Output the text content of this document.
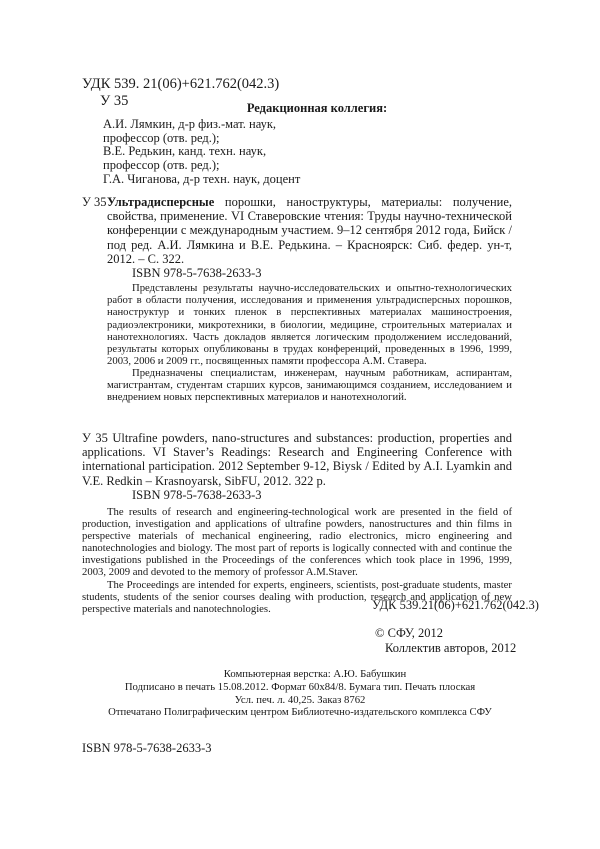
УДК 539. 21(06)+621.762(042.3)
У 35	Редакционная коллегия:
А.И. Лямкин, д-р физ.-мат. наук,
профессор (отв. ред.);
В.Е. Редькин, канд. техн. наук,
профессор (отв. ред.);
Г.А. Чиганова, д-р техн. наук, доцент
У 35 Ультрадисперсные порошки, наноструктуры, материалы: получение, свойства, применение. VI Ставеровские чтения: Труды научно-технической конференции с международным участием. 9–12 сентября 2012 года, Бийск / под ред. А.И. Лямкина и В.Е. Редькина. – Красноярск: Сиб. федер. ун-т, 2012. – С. 322.
ISBN 978-5-7638-2633-3

Представлены результаты научно-исследовательских и опытно-технологических работ в области получения, исследования и применения ультрадисперсных порошков, наноструктур и тонких пленок в перспективных материалах машиностроения, радиоэлектроники, микротехники, в биологии, медицине, строительных материалах и нанотехнологиях. Часть докладов является логическим продолжением исследований, результаты которых опубликованы в трудах конференций, проведенных в 1996, 1999, 2003, 2006 и 2009 гг., посвященных памяти профессора А.М. Ставера.

Предназначены специалистам, инженерам, научным работникам, аспирантам, магистрантам, студентам старших курсов, занимающимся созданием, исследованием и внедрением новых перспективных материалов и нанотехнологий.

У 35 Ultrafine powders, nano-structures and substances: production, properties and applications. VI Staver’s Readings: Research and Engineering Conference with international participation. 2012 September 9-12, Biysk / Edited by A.I. Lyamkin and V.E. Redkin – Krasnoyarsk, SibFU, 2012. 322 p.
ISBN 978-5-7638-2633-3

The results of research and engineering-technological work are presented in the field of production, investigation and applications of ultrafine powders, nanostructures and thin films in perspective materials of mechanical engineering, radio electronics, micro engineering and nanotechnologies and biology. The most part of reports is logically connected with and continue the investigations published in the Proceedings of the conferences which took place in 1996, 1999, 2003, 2009 and devoted to the memory of professor A.M.Staver.

The Proceedings are intended for experts, engineers, scientists, post-graduate students, master students, students of the senior courses dealing with production, research and application of new perspective materials and nanotechnologies.	УДК 539.21(06)+621.762(042.3)
© СФУ, 2012
Коллектив авторов, 2012
Компьютерная верстка: А.Ю. Бабушкин
Подписано в печать 15.08.2012. Формат 60x84/8. Бумага тип. Печать плоская
Усл. печ. л. 40,25. Заказ 8762
Отпечатано Полиграфическим центром Библиотечно-издательского комплекса СФУ
ISBN 978-5-7638-2633-3
